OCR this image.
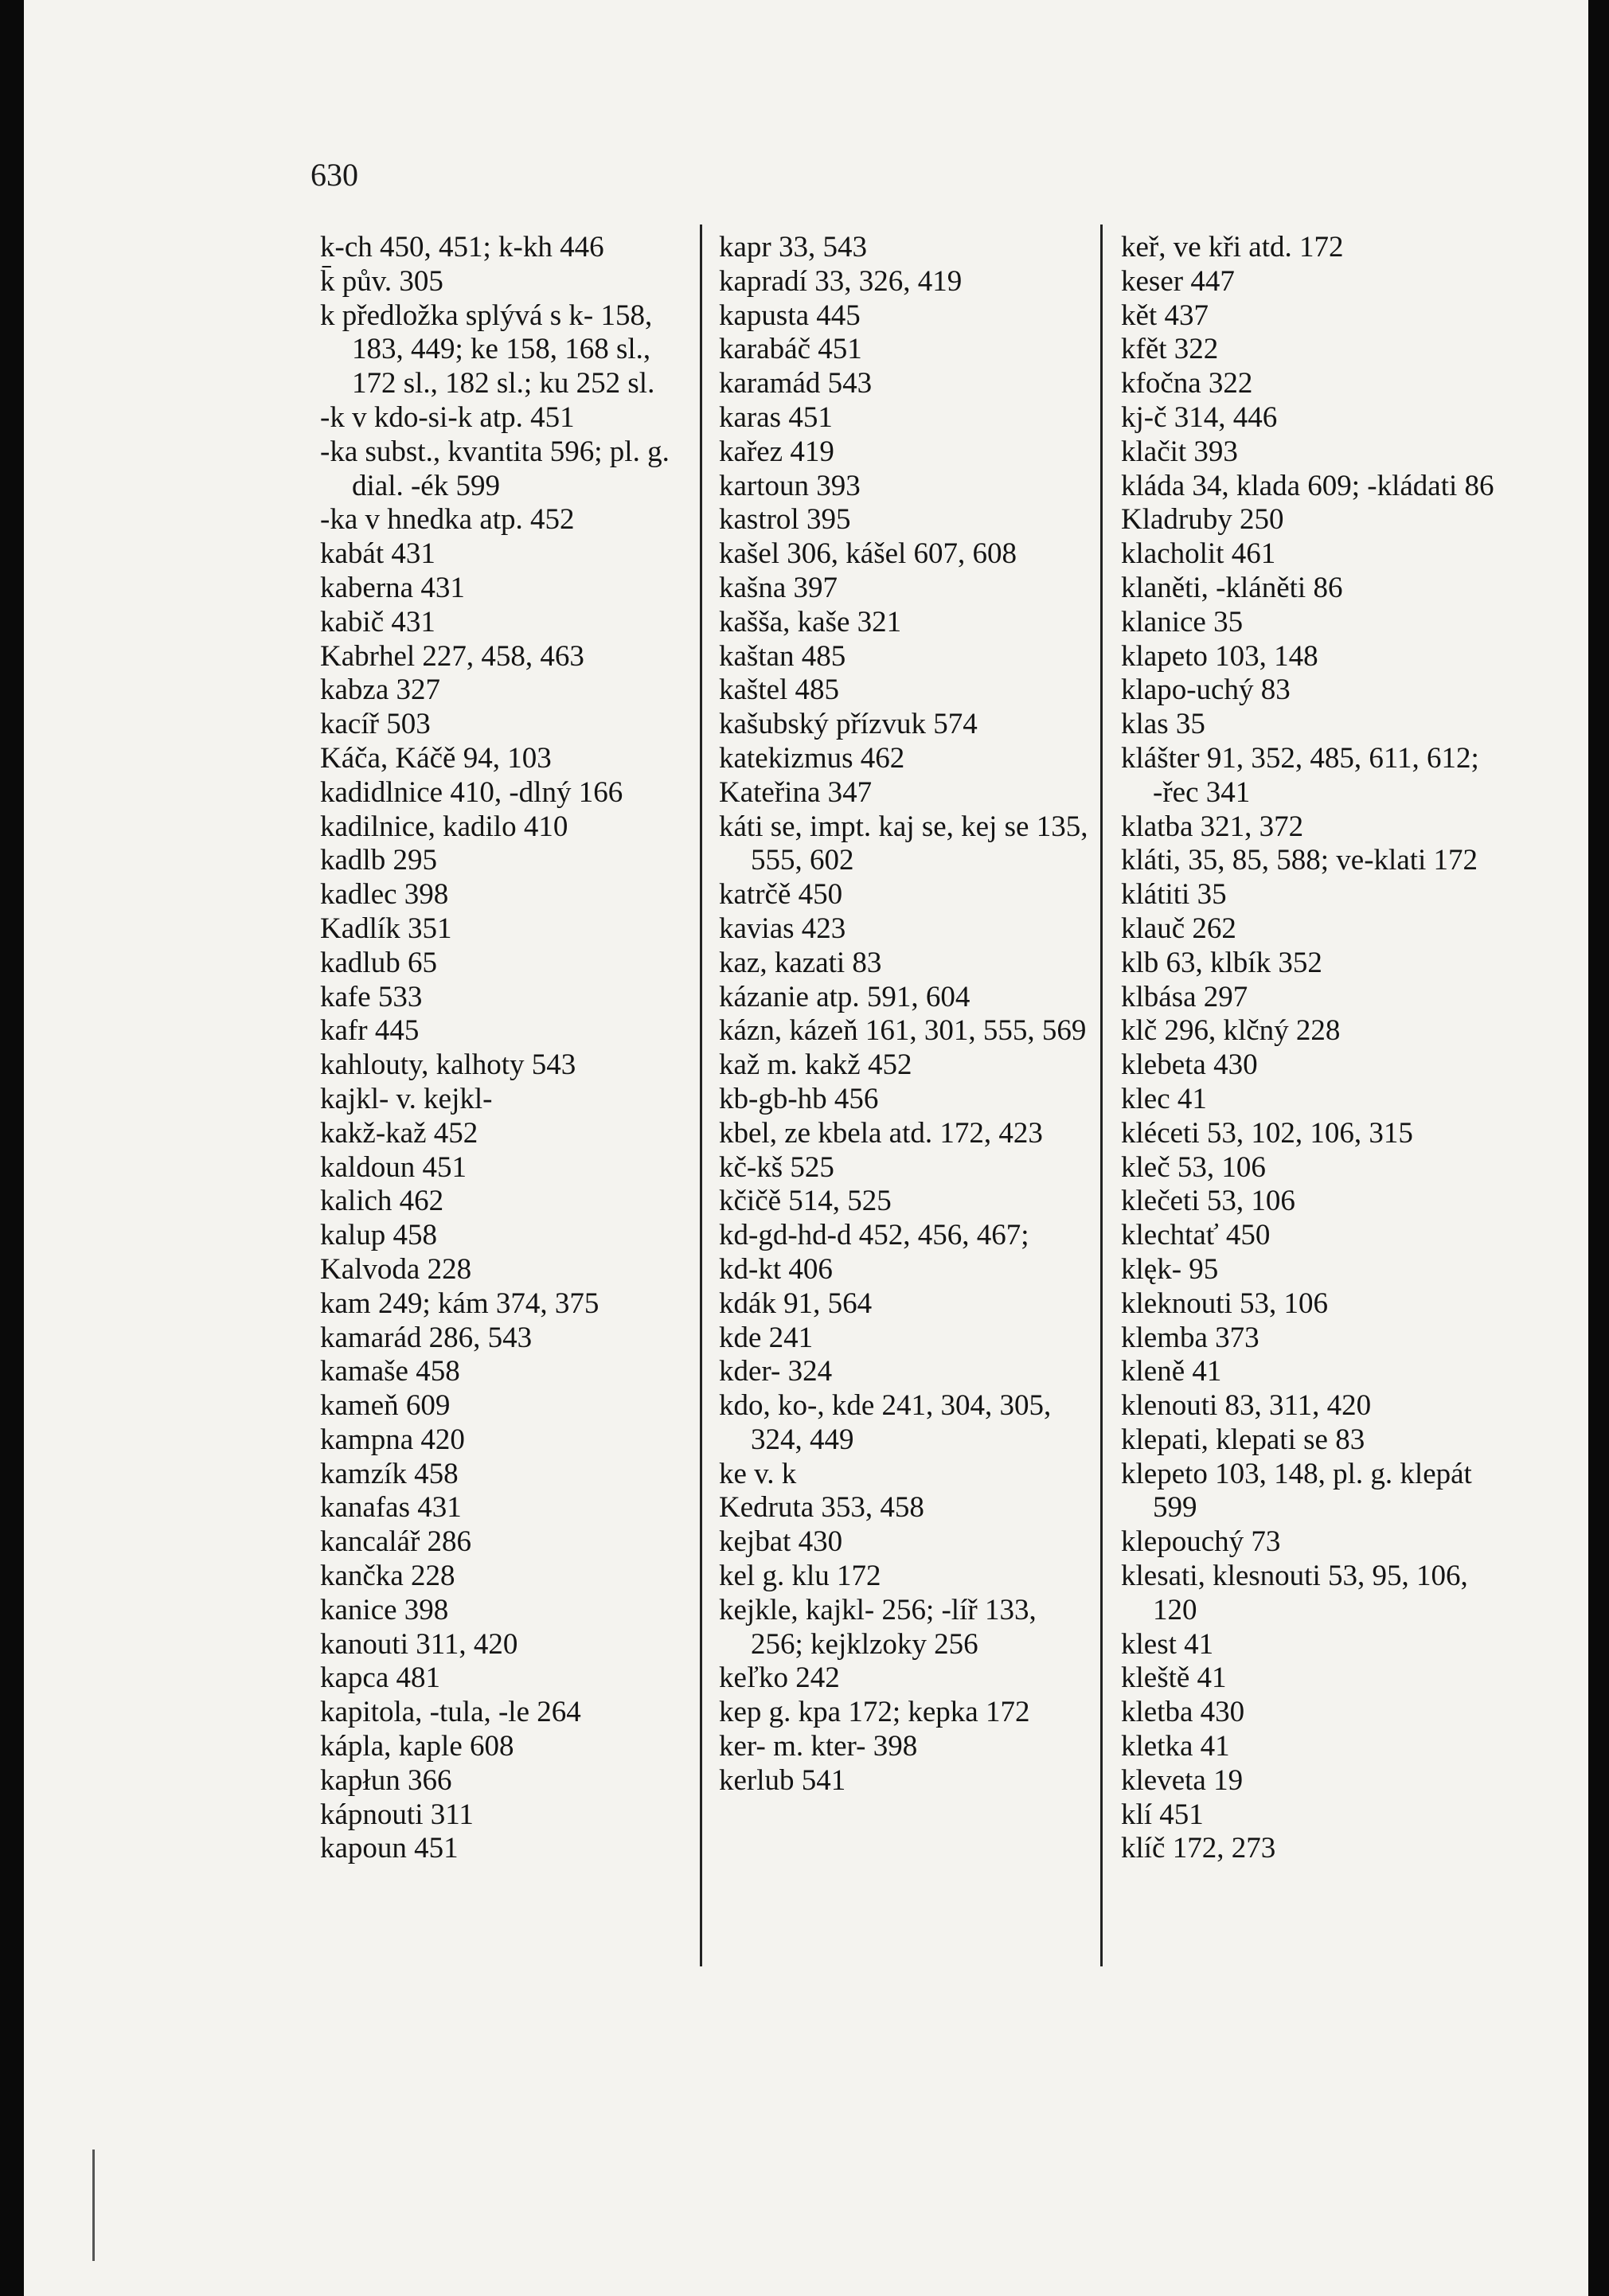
630
k-ch 450, 451; k-kh 446
k̄ pův. 305
k předložka splývá s k- 158, 183, 449; ke 158, 168 sl., 172 sl., 182 sl.; ku 252 sl.
-k v kdo-si-k atp. 451
-ka subst., kvantita 596; pl. g. dial. -ék 599
-ka v hnedka atp. 452
kabát 431
kaberna 431
kabič 431
Kabrhel 227, 458, 463
kabza 327
kacíř 503
Káča, Káčě 94, 103
kadidlnice 410, -dlný 166
kadilnice, kadilo 410
kadlb 295
kadlec 398
Kadlík 351
kadlub 65
kafe 533
kafr 445
kahlouty, kalhoty 543
kajkl- v. kejkl-
kakž-kaž 452
kaldoun 451
kalich 462
kalup 458
Kalvoda 228
kam 249; kám 374, 375
kamarád 286, 543
kamaše 458
kameň 609
kampna 420
kamzík 458
kanafas 431
kancalář 286
kančka 228
kanice 398
kanouti 311, 420
kapca 481
kapitola, -tula, -le 264
kápla, kaple 608
kapłun 366
kápnouti 311
kapoun 451
kapr 33, 543
kapradí 33, 326, 419
kapusta 445
karabáč 451
karamád 543
karas 451
kařez 419
kartoun 393
kastrol 395
kašel 306, kášel 607, 608
kašna 397
kašša, kaše 321
kaštan 485
kaštel 485
kašubský přízvuk 574
katekizmus 462
Kateřina 347
káti se, impt. kaj se, kej se 135, 555, 602
katrčě 450
kavias 423
kaz, kazati 83
kázanie atp. 591, 604
kázn, kázeň 161, 301, 555, 569
kaž m. kakž 452
kb-gb-hb 456
kbel, ze kbela atd. 172, 423
kč-kš 525
kčičě 514, 525
kd-gd-hd-d 452, 456, 467;
kd-kt 406
kdák 91, 564
kde 241
kder- 324
kdo, ko-, kde 241, 304, 305, 324, 449
ke v. k
Kedruta 353, 458
kejbat 430
kel g. klu 172
kejkle, kajkl- 256; -líř 133, 256; kejklzoky 256
keľko 242
kep g. kpa 172; kepka 172
ker- m. kter- 398
kerlub 541
keř, ve kři atd. 172
keser 447
kět 437
kfět 322
kfočna 322
kj-č 314, 446
klačit 393
kláda 34, klada 609; -kládati 86
Kladruby 250
klacholit 461
klaněti, -kláněti 86
klanice 35
klapeto 103, 148
klapo-uchý 83
klas 35
klášter 91, 352, 485, 611, 612; -řec 341
klatba 321, 372
kláti, 35, 85, 588; ve-klati 172
klátiti 35
klauč 262
klb 63, klbík 352
klbása 297
klč 296, klčný 228
klebeta 430
klec 41
kléceti 53, 102, 106, 315
kleč 53, 106
klečeti 53, 106
klechtať 450
klęk- 95
kleknouti 53, 106
klemba 373
kleně 41
klenouti 83, 311, 420
klepati, klepati se 83
klepeto 103, 148, pl. g. klepát 599
klepouchý 73
klesati, klesnouti 53, 95, 106, 120
klest 41
kleště 41
kletba 430
kletka 41
kleveta 19
klí 451
klíč 172, 273
